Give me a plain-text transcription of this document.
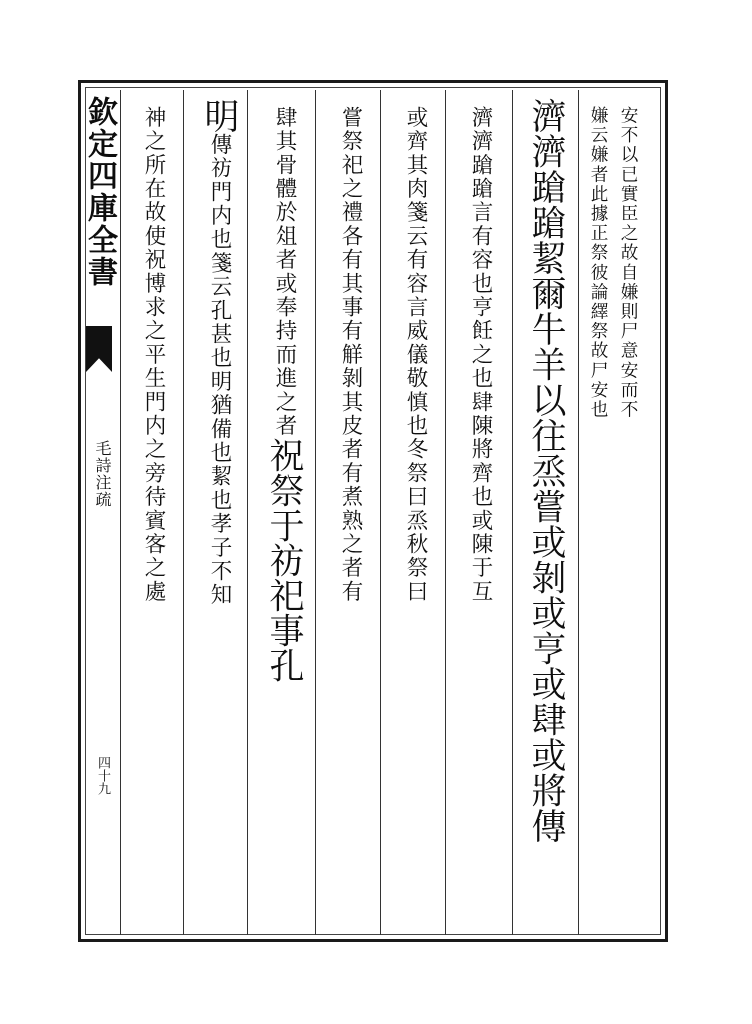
欽定四庫全書
毛詩注疏
四十九
安不以已實臣之故自嫌則尸意安而不
嫌云嫌者此據正祭彼論繹祭故尸安也
濟濟蹌蹌絜爾牛羊以往烝嘗或剝或亨或肆或將傳
濟濟蹌蹌言有容也亨飪之也肆陳將齊也或陳于互
或齊其肉箋云有容言威儀敬慎也冬祭曰烝秋祭曰
嘗祭祀之禮各有其事有觧剝其皮者有煮熟之者有
肆其骨體於俎者或奉持而進之者祝祭于祊祀事孔
明傳祊門内也箋云孔甚也明猶備也絜也孝子不知
神之所在故使祝博求之平生門内之旁待賓客之處
